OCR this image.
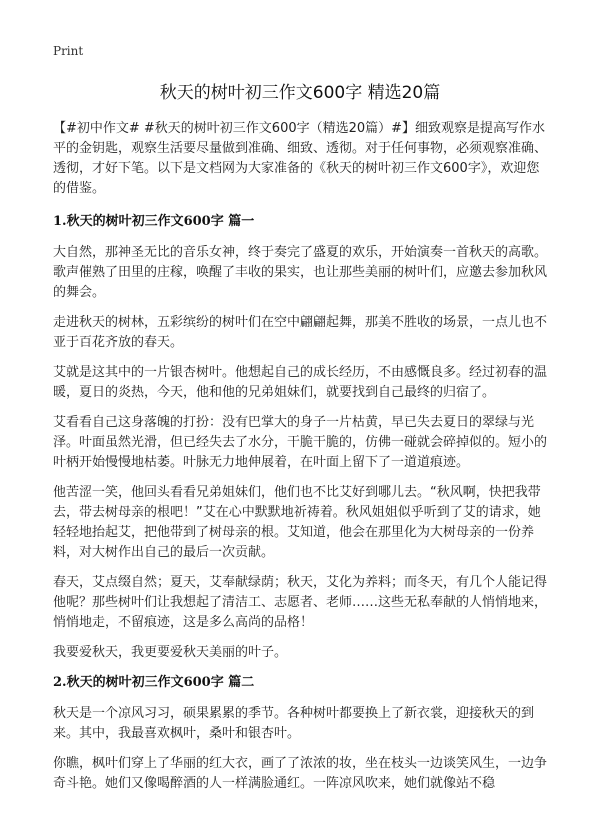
Print
秋天的树叶初三作文600字 精选20篇

【#初中作文# #秋天的树叶初三作文600字（精选20篇）#】细致观察是提高写作水平的金钥匙，观察生活要尽量做到准确、细致、透彻。对于任何事物，必须观察准确、透彻，才好下笔。以下是文档网为大家准备的《秋天的树叶初三作文600字》，欢迎您的借鉴。

1.秋天的树叶初三作文600字 篇一

大自然，那神圣无比的音乐女神，终于奏完了盛夏的欢乐，开始演奏一首秋天的高歌。歌声催熟了田里的庄稼，唤醒了丰收的果实，也让那些美丽的树叶们，应邀去参加秋风的舞会。

走进秋天的树林，五彩缤纷的树叶们在空中翩翩起舞，那美不胜收的场景，一点儿也不亚于百花齐放的春天。

艾就是这其中的一片银杏树叶。他想起自己的成长经历，不由感慨良多。经过初春的温暖，夏日的炎热，今天，他和他的兄弟姐妹们，就要找到自己最终的归宿了。

艾看看自己这身落魄的打扮：没有巴掌大的身子一片枯黄，早已失去夏日的翠绿与光泽。叶面虽然光滑，但已经失去了水分，干脆干脆的，仿佛一碰就会碎掉似的。短小的叶柄开始慢慢地枯萎。叶脉无力地伸展着，在叶面上留下了一道道痕迹。

他苦涩一笑，他回头看看兄弟姐妹们，他们也不比艾好到哪儿去。“秋风啊，快把我带去，带去树母亲的根吧！”艾在心中默默地祈祷着。秋风姐姐似乎听到了艾的请求，她轻轻地抬起艾，把他带到了树母亲的根。艾知道，他会在那里化为大树母亲的一份养料，对大树作出自己的最后一次贡献。

春天，艾点缀自然；夏天，艾奉献绿荫；秋天，艾化为养料；而冬天，有几个人能记得他呢？那些树叶们让我想起了清洁工、志愿者、老师……这些无私奉献的人悄悄地来，悄悄地走，不留痕迹，这是多么高尚的品格！

我要爱秋天，我更要爱秋天美丽的叶子。

2.秋天的树叶初三作文600字 篇二

秋天是一个凉风习习，硕果累累的季节。各种树叶都要换上了新衣裳，迎接秋天的到来。其中，我最喜欢枫叶，桑叶和银杏叶。

你瞧，枫叶们穿上了华丽的红大衣，画了了浓浓的妆，坐在枝头一边谈笑风生，一边争奇斗艳。她们又像喝醉酒的人一样满脸通红。一阵凉风吹来，她们就像站不稳
